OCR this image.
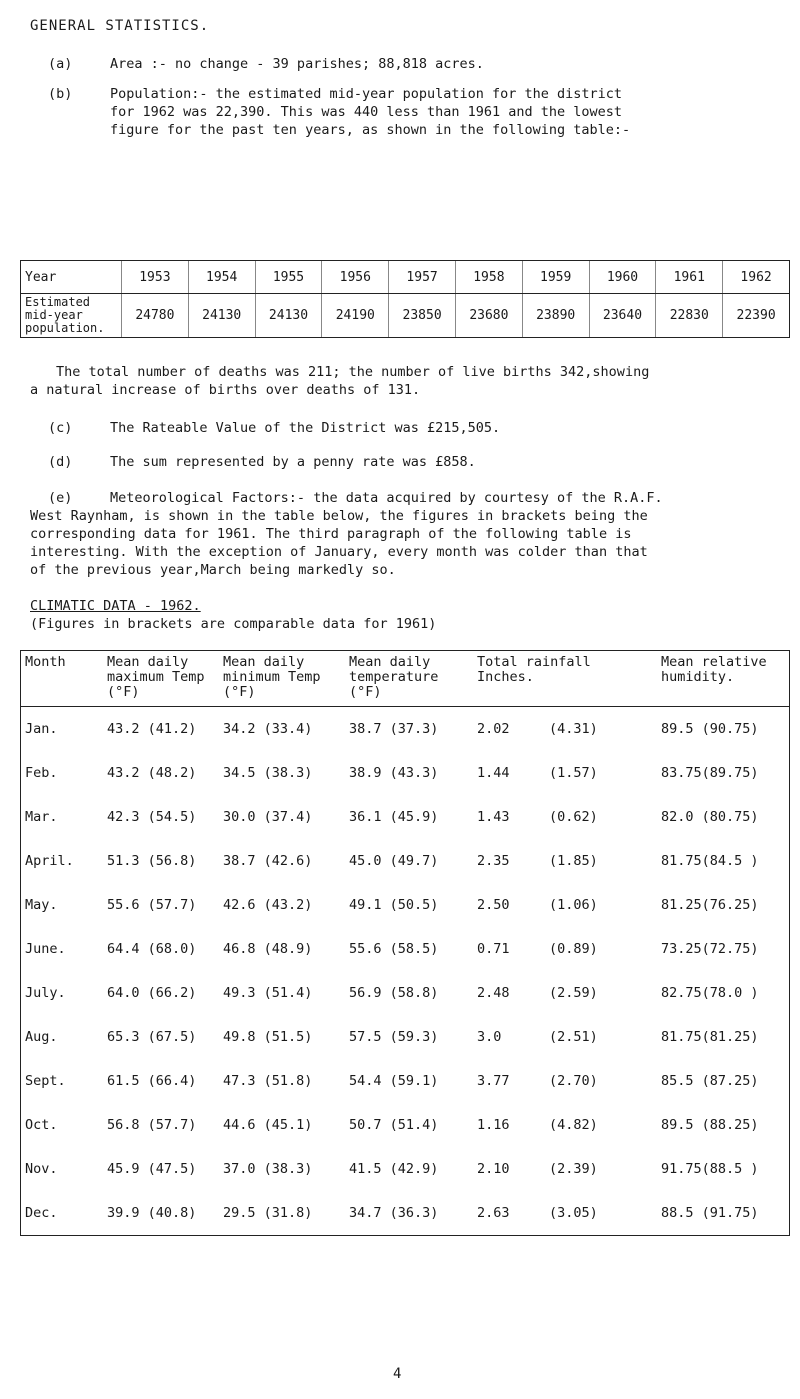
GENERAL STATISTICS.
(a)	Area :- no change - 39 parishes; 88,818 acres.
(b)	Population:- the estimated mid-year population for the district
for 1962 was 22,390. This was 440 less than 1961 and the lowest
figure for the past ten years, as shown in the following table:-
Year	1953	1954	1955	1956	1957	1958	1959	1960	1961	1962

Estimated
mid-year
population.	24780	24130	24130	24190	23850	23680	23890	23640	22830	22390
The total number of deaths was 211; the number of live births 342,showing
a natural increase of births over deaths of 131.
(c)	The Rateable Value of the District was £215,505.
(d)	The sum represented by a penny rate was £858.
(e)	Meteorological Factors:- the data acquired by courtesy of the R.A.F.
West Raynham, is shown in the table below, the figures in brackets being the
corresponding data for 1961. The third paragraph of the following table is
interesting. With the exception of January, every month was colder than that
of the previous year,March being markedly so.
CLIMATIC DATA - 1962.
(Figures in brackets are comparable data for 1961)
Month	Mean daily maximum Temp (°F)	Mean daily minimum Temp (°F)	Mean daily temperature (°F)	Total rainfall Inches.	Mean relative humidity.
Jan.	43.2 (41.2)	34.2 (33.4)	38.7 (37.3)	2.02 (4.31)	89.5 (90.75)
Feb.	43.2 (48.2)	34.5 (38.3)	38.9 (43.3)	1.44 (1.57)	83.75(89.75)
Mar.	42.3 (54.5)	30.0 (37.4)	36.1 (45.9)	1.43 (0.62)	82.0 (80.75)
April.	51.3 (56.8)	38.7 (42.6)	45.0 (49.7)	2.35 (1.85)	81.75(84.5 )
May.	55.6 (57.7)	42.6 (43.2)	49.1 (50.5)	2.50 (1.06)	81.25(76.25)
June.	64.4 (68.0)	46.8 (48.9)	55.6 (58.5)	0.71 (0.89)	73.25(72.75)
July.	64.0 (66.2)	49.3 (51.4)	56.9 (58.8)	2.48 (2.59)	82.75(78.0 )
Aug.	65.3 (67.5)	49.8 (51.5)	57.5 (59.3)	3.0 (2.51)	81.75(81.25)
Sept.	61.5 (66.4)	47.3 (51.8)	54.4 (59.1)	3.77 (2.70)	85.5 (87.25)
Oct.	56.8 (57.7)	44.6 (45.1)	50.7 (51.4)	1.16 (4.82)	89.5 (88.25)
Nov.	45.9 (47.5)	37.0 (38.3)	41.5 (42.9)	2.10 (2.39)	91.75(88.5 )
Dec.	39.9 (40.8)	29.5 (31.8)	34.7 (36.3)	2.63 (3.05)	88.5 (91.75)
4
